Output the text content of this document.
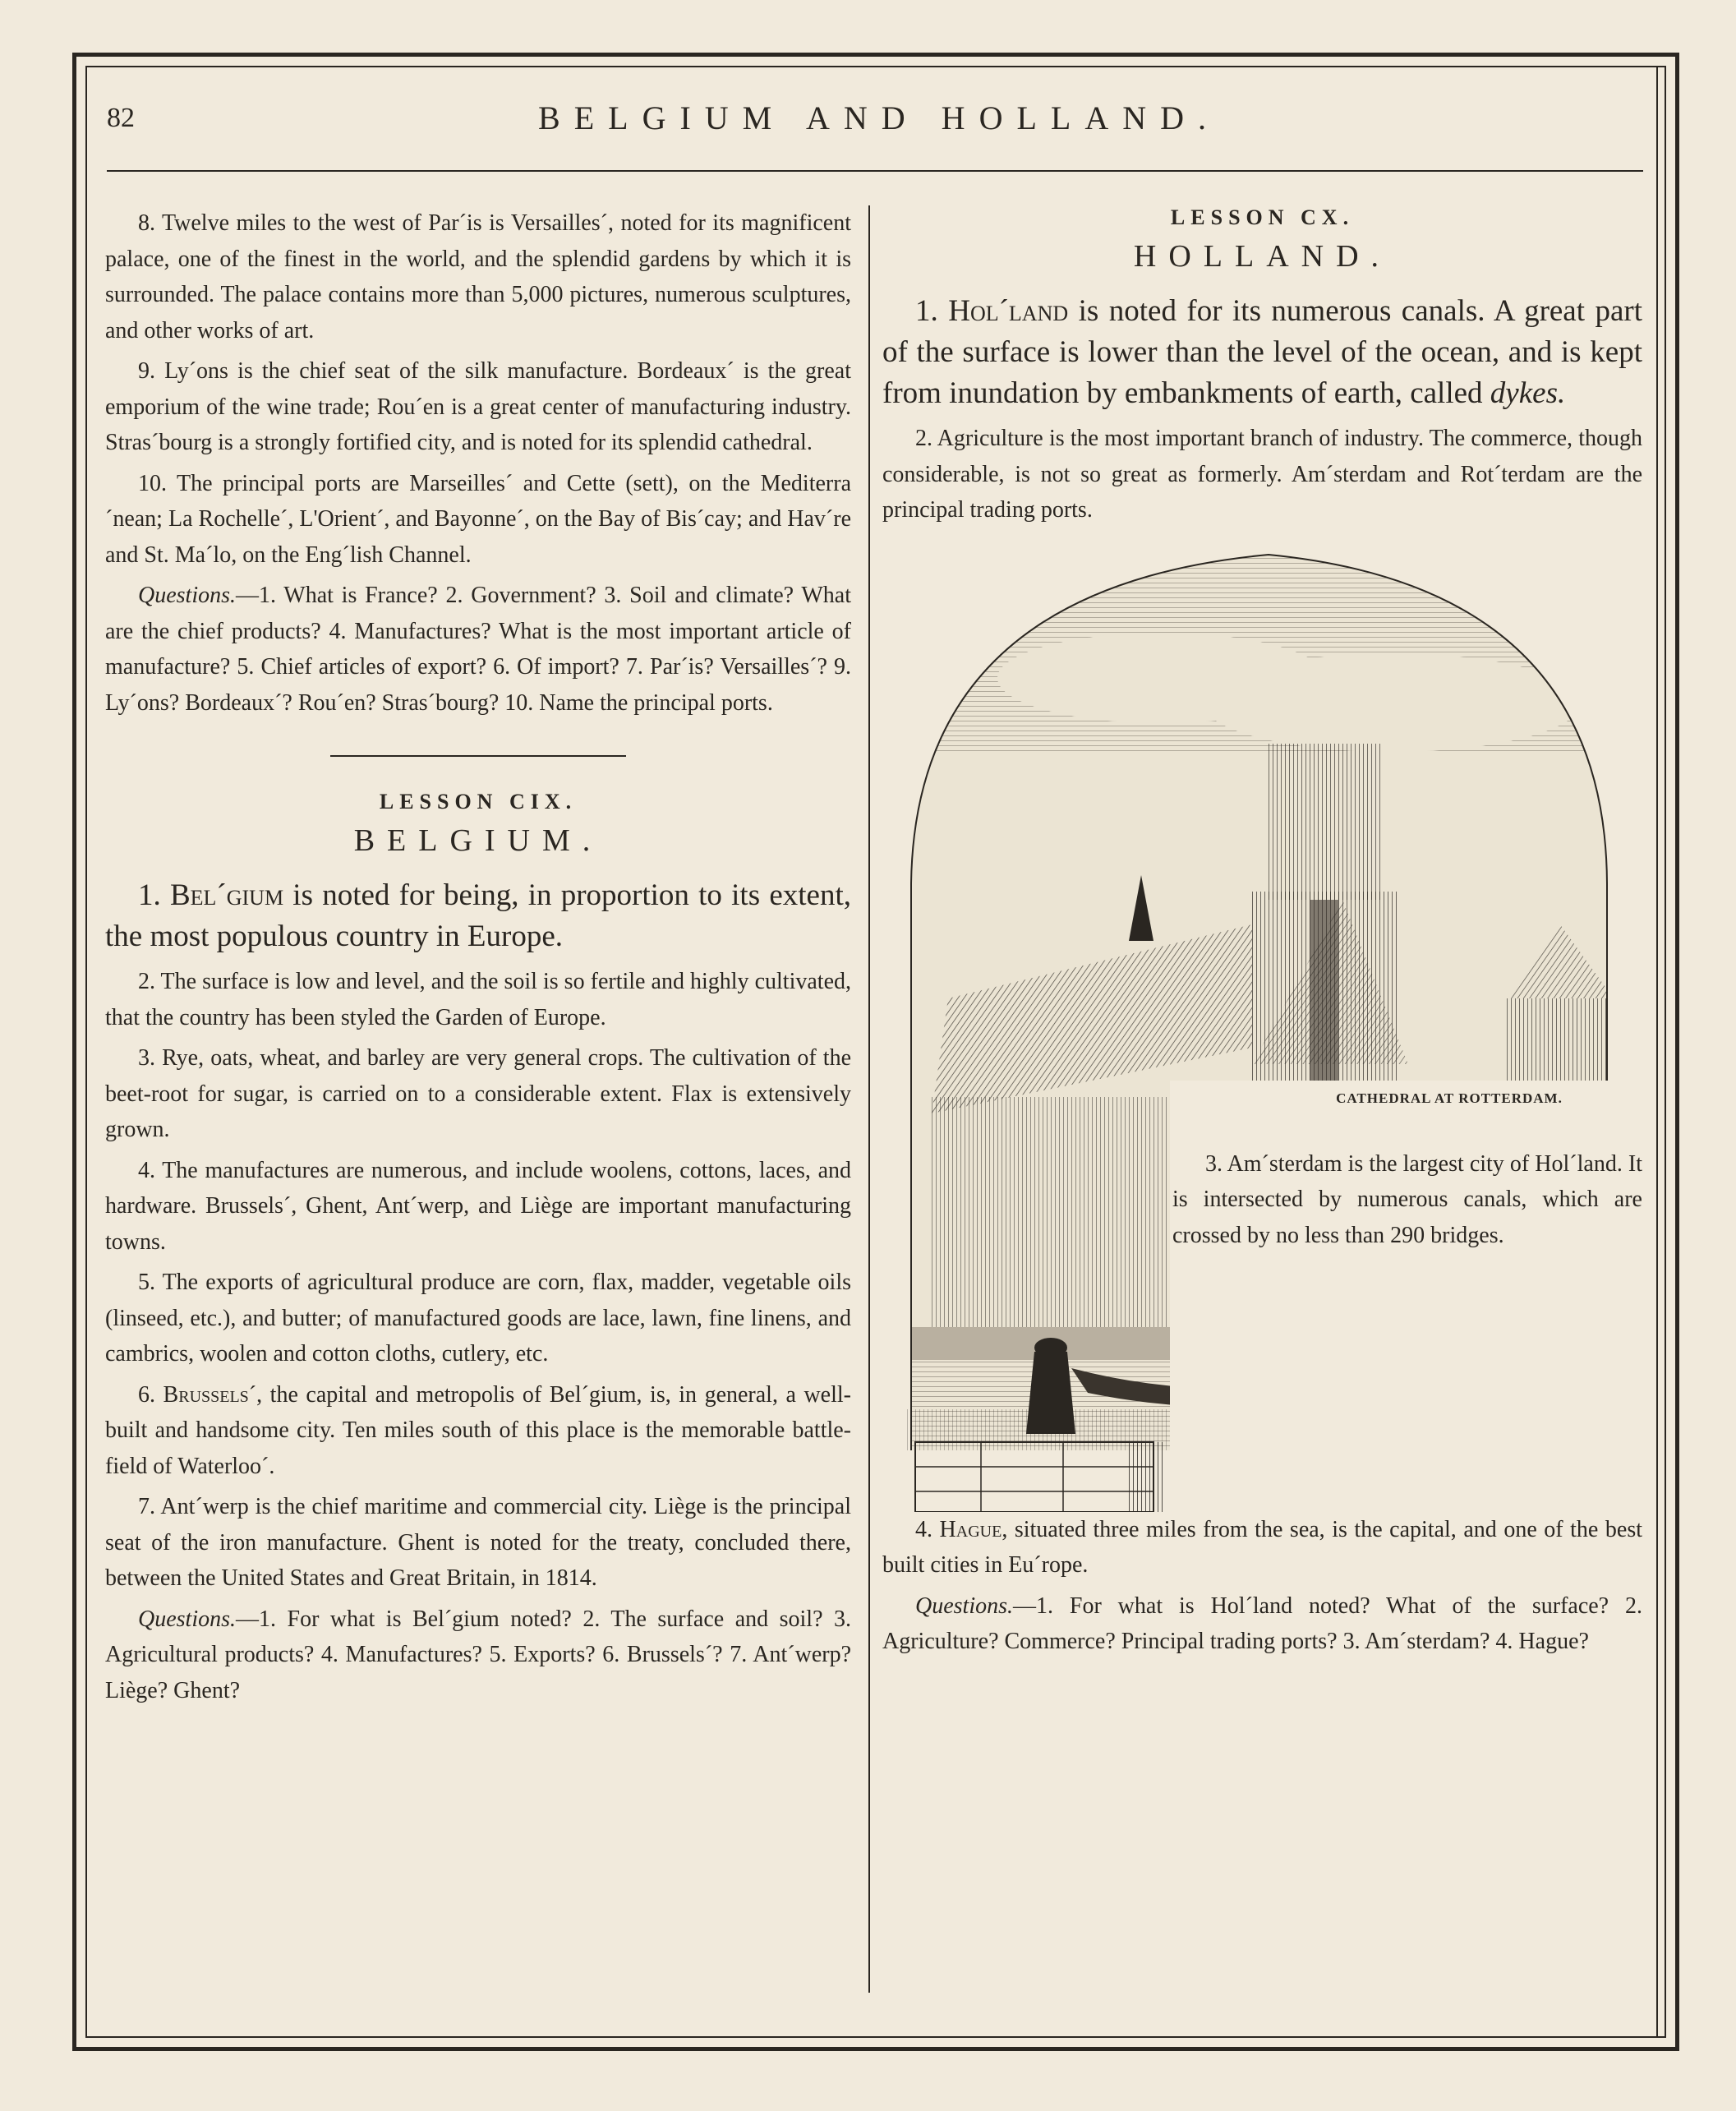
82	BELGIUM AND HOLLAND.

8. Twelve miles to the west of Par´is is Versailles´, noted for its magnificent palace, one of the finest in the world, and the splendid gardens by which it is surrounded. The palace contains more than 5,000 pictures, numerous sculptures, and other works of art.

9. Ly´ons is the chief seat of the silk manufacture. Bordeaux´ is the great emporium of the wine trade; Rou´en is a great center of manufacturing industry. Stras´bourg is a strongly fortified city, and is noted for its splendid cathedral.

10. The principal ports are Marseilles´ and Cette (sett), on the Mediterra´nean; La Rochelle´, L'Orient´, and Bayonne´, on the Bay of Bis´cay; and Hav´re and St. Ma´lo, on the Eng´lish Channel.

Questions.—1. What is France? 2. Government? 3. Soil and climate? What are the chief products? 4. Manufactures? What is the most important article of manufacture? 5. Chief articles of export? 6. Of import? 7. Par´is? Versailles´? 9. Ly´ons? Bordeaux´? Rou´en? Stras´bourg? 10. Name the principal ports.

LESSON CIX.
BELGIUM.

1. Bel´gium is noted for being, in proportion to its extent, the most populous country in Europe.

2. The surface is low and level, and the soil is so fertile and highly cultivated, that the country has been styled the Garden of Europe.

3. Rye, oats, wheat, and barley are very general crops. The cultivation of the beet-root for sugar, is carried on to a considerable extent. Flax is extensively grown.

4. The manufactures are numerous, and include woolens, cottons, laces, and hardware. Brussels´, Ghent, Ant´werp, and Liège are important manufacturing towns.

5. The exports of agricultural produce are corn, flax, madder, vegetable oils (linseed, etc.), and butter; of manufactured goods are lace, lawn, fine linens, and cambrics, woolen and cotton cloths, cutlery, etc.

6. Brussels´, the capital and metropolis of Bel´gium, is, in general, a well-built and handsome city. Ten miles south of this place is the memorable battle-field of Waterloo´.

7. Ant´werp is the chief maritime and commercial city. Liège is the principal seat of the iron manufacture. Ghent is noted for the treaty, concluded there, between the United States and Great Britain, in 1814.

Questions.—1. For what is Bel´gium noted? 2. The surface and soil? 3. Agricultural products? 4. Manufactures? 5. Exports? 6. Brussels´? 7. Ant´werp? Liège? Ghent?

LESSON CX.
HOLLAND.

1. Hol´land is noted for its numerous canals. A great part of the surface is lower than the level of the ocean, and is kept from inundation by embankments of earth, called dykes.

2. Agriculture is the most important branch of industry. The commerce, though considerable, is not so great as formerly. Am´sterdam and Rot´terdam are the principal trading ports.

CATHEDRAL AT ROTTERDAM.

3. Am´sterdam is the largest city of Hol´land. It is intersected by numerous canals, which are crossed by no less than 290 bridges.

4. Hague, situated three miles from the sea, is the capital, and one of the best built cities in Eu´rope.

Questions.—1. For what is Hol´land noted? What of the surface? 2. Agriculture? Commerce? Principal trading ports? 3. Am´sterdam? 4. Hague?
